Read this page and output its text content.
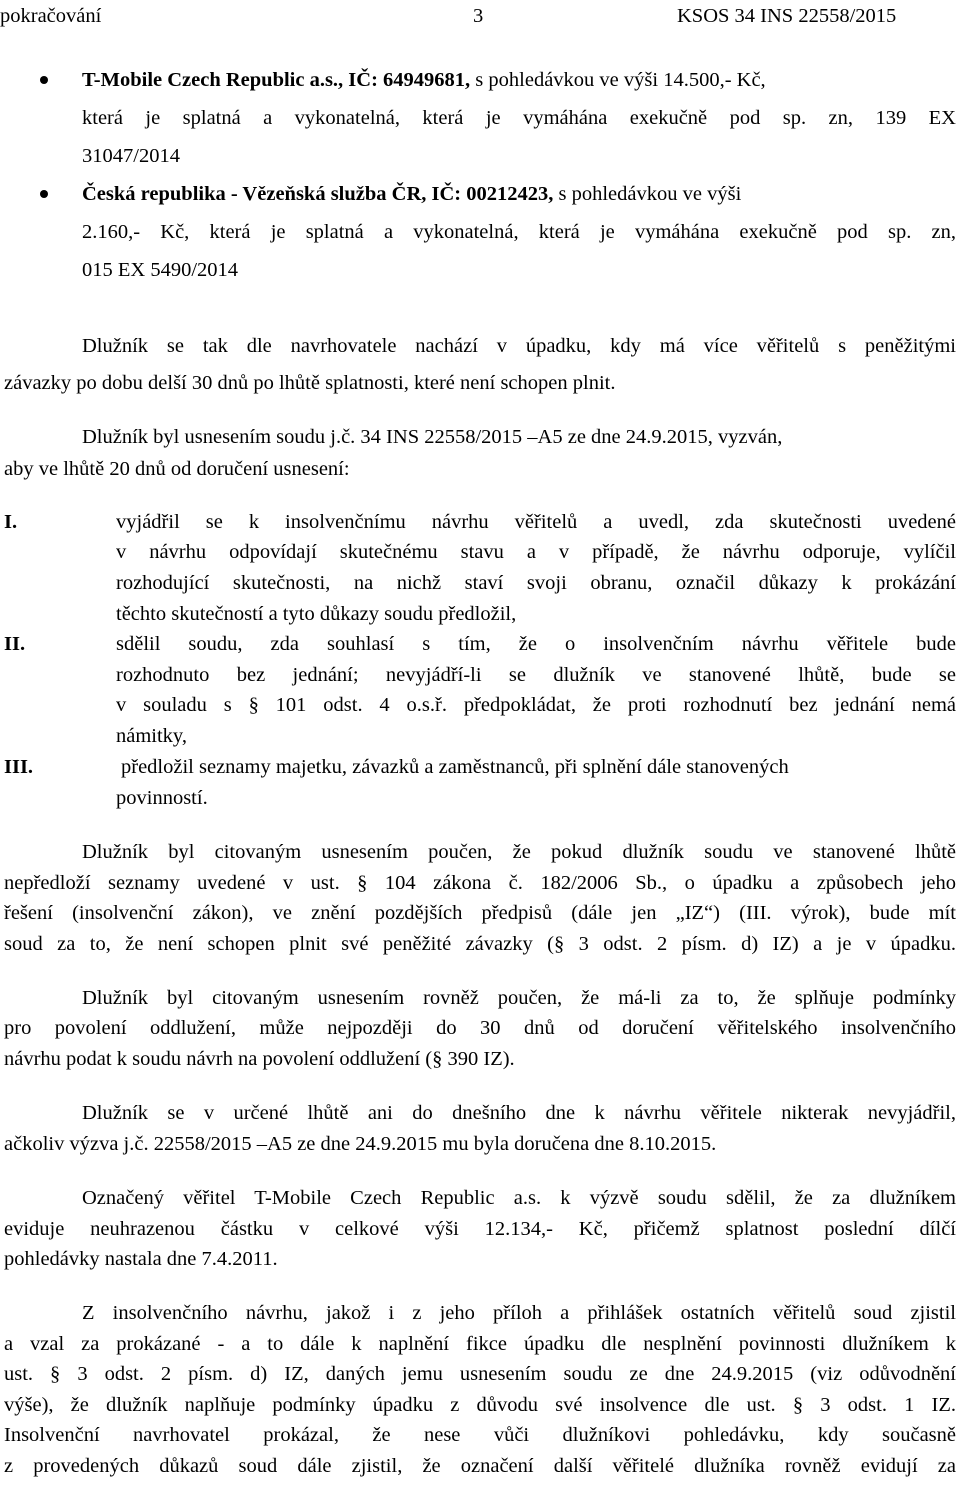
pokračování	3	KSOS 34 INS 22558/2015
T-Mobile Czech Republic a.s., IČ: 64949681, s pohledávkou ve výši 14.500,- Kč,
která je splatná a vykonatelná, která je vymáhána exekučně pod sp. zn, 139 EX
31047/2014
Česká republika - Vězeňská služba ČR, IČ: 00212423, s pohledávkou ve výši
2.160,- Kč, která je splatná a vykonatelná, která je vymáhána exekučně pod sp. zn,
015 EX 5490/2014
Dlužník se tak dle navrhovatele nachází v úpadku, kdy má více věřitelů s peněžitými
závazky po dobu delší 30 dnů po lhůtě splatnosti, které není schopen plnit.
Dlužník byl usnesením soudu j.č. 34 INS 22558/2015 –A5 ze dne 24.9.2015, vyzván,
aby ve lhůtě 20 dnů od doručení usnesení:
I.	vyjádřil se k insolvenčnímu návrhu věřitelů a uvedl, zda skutečnosti uvedené
v návrhu odpovídají skutečnému stavu a v případě, že návrhu odporuje, vylíčil
rozhodující skutečnosti, na nichž staví svoji obranu, označil důkazy k prokázání
těchto skutečností a tyto důkazy soudu předložil,
II.	sdělil soudu, zda souhlasí s tím, že o insolvenčním návrhu věřitele bude
rozhodnuto bez jednání; nevyjádří-li se dlužník ve stanovené lhůtě, bude se
v souladu s § 101 odst. 4 o.s.ř. předpokládat, že proti rozhodnutí bez jednání nemá
námitky,
III.	předložil seznamy majetku, závazků a zaměstnanců, při splnění dále stanovených
povinností.
Dlužník byl citovaným usnesením poučen, že pokud dlužník soudu ve stanovené lhůtě
nepředloží seznamy uvedené v ust. § 104 zákona č. 182/2006 Sb., o úpadku a způsobech jeho
řešení (insolvenční zákon), ve znění pozdějších předpisů (dále jen „IZ“) (III. výrok), bude mít
soud za to, že není schopen plnit své peněžité závazky (§ 3 odst. 2 písm. d) IZ) a je v úpadku.
Dlužník byl citovaným usnesením rovněž poučen, že má-li za to, že splňuje podmínky
pro povolení oddlužení, může nejpozději do 30 dnů od doručení věřitelského insolvenčního
návrhu podat k soudu návrh na povolení oddlužení (§ 390 IZ).
Dlužník se v určené lhůtě ani do dnešního dne k návrhu věřitele nikterak nevyjádřil,
ačkoliv výzva j.č. 22558/2015 –A5 ze dne 24.9.2015 mu byla doručena dne 8.10.2015.
Označený věřitel T-Mobile Czech Republic a.s. k výzvě soudu sdělil, že za dlužníkem
eviduje neuhrazenou částku v celkové výši 12.134,- Kč, přičemž splatnost poslední dílčí
pohledávky nastala dne 7.4.2011.
Z insolvenčního návrhu, jakož i z jeho příloh a přihlášek ostatních věřitelů soud zjistil
a vzal za prokázané - a to dále k naplnění fikce úpadku dle nesplnění povinnosti dlužníkem k
ust. § 3 odst. 2 písm. d) IZ, daných jemu usnesením soudu ze dne 24.9.2015 (viz odůvodnění
výše), že dlužník naplňuje podmínky úpadku z důvodu své insolvence dle ust. § 3 odst. 1 IZ.
Insolvenční navrhovatel prokázal, že nese vůči dlužníkovi pohledávku, kdy současně
z provedených důkazů soud dále zjistil, že označení další věřitelé dlužníka rovněž evidují za
